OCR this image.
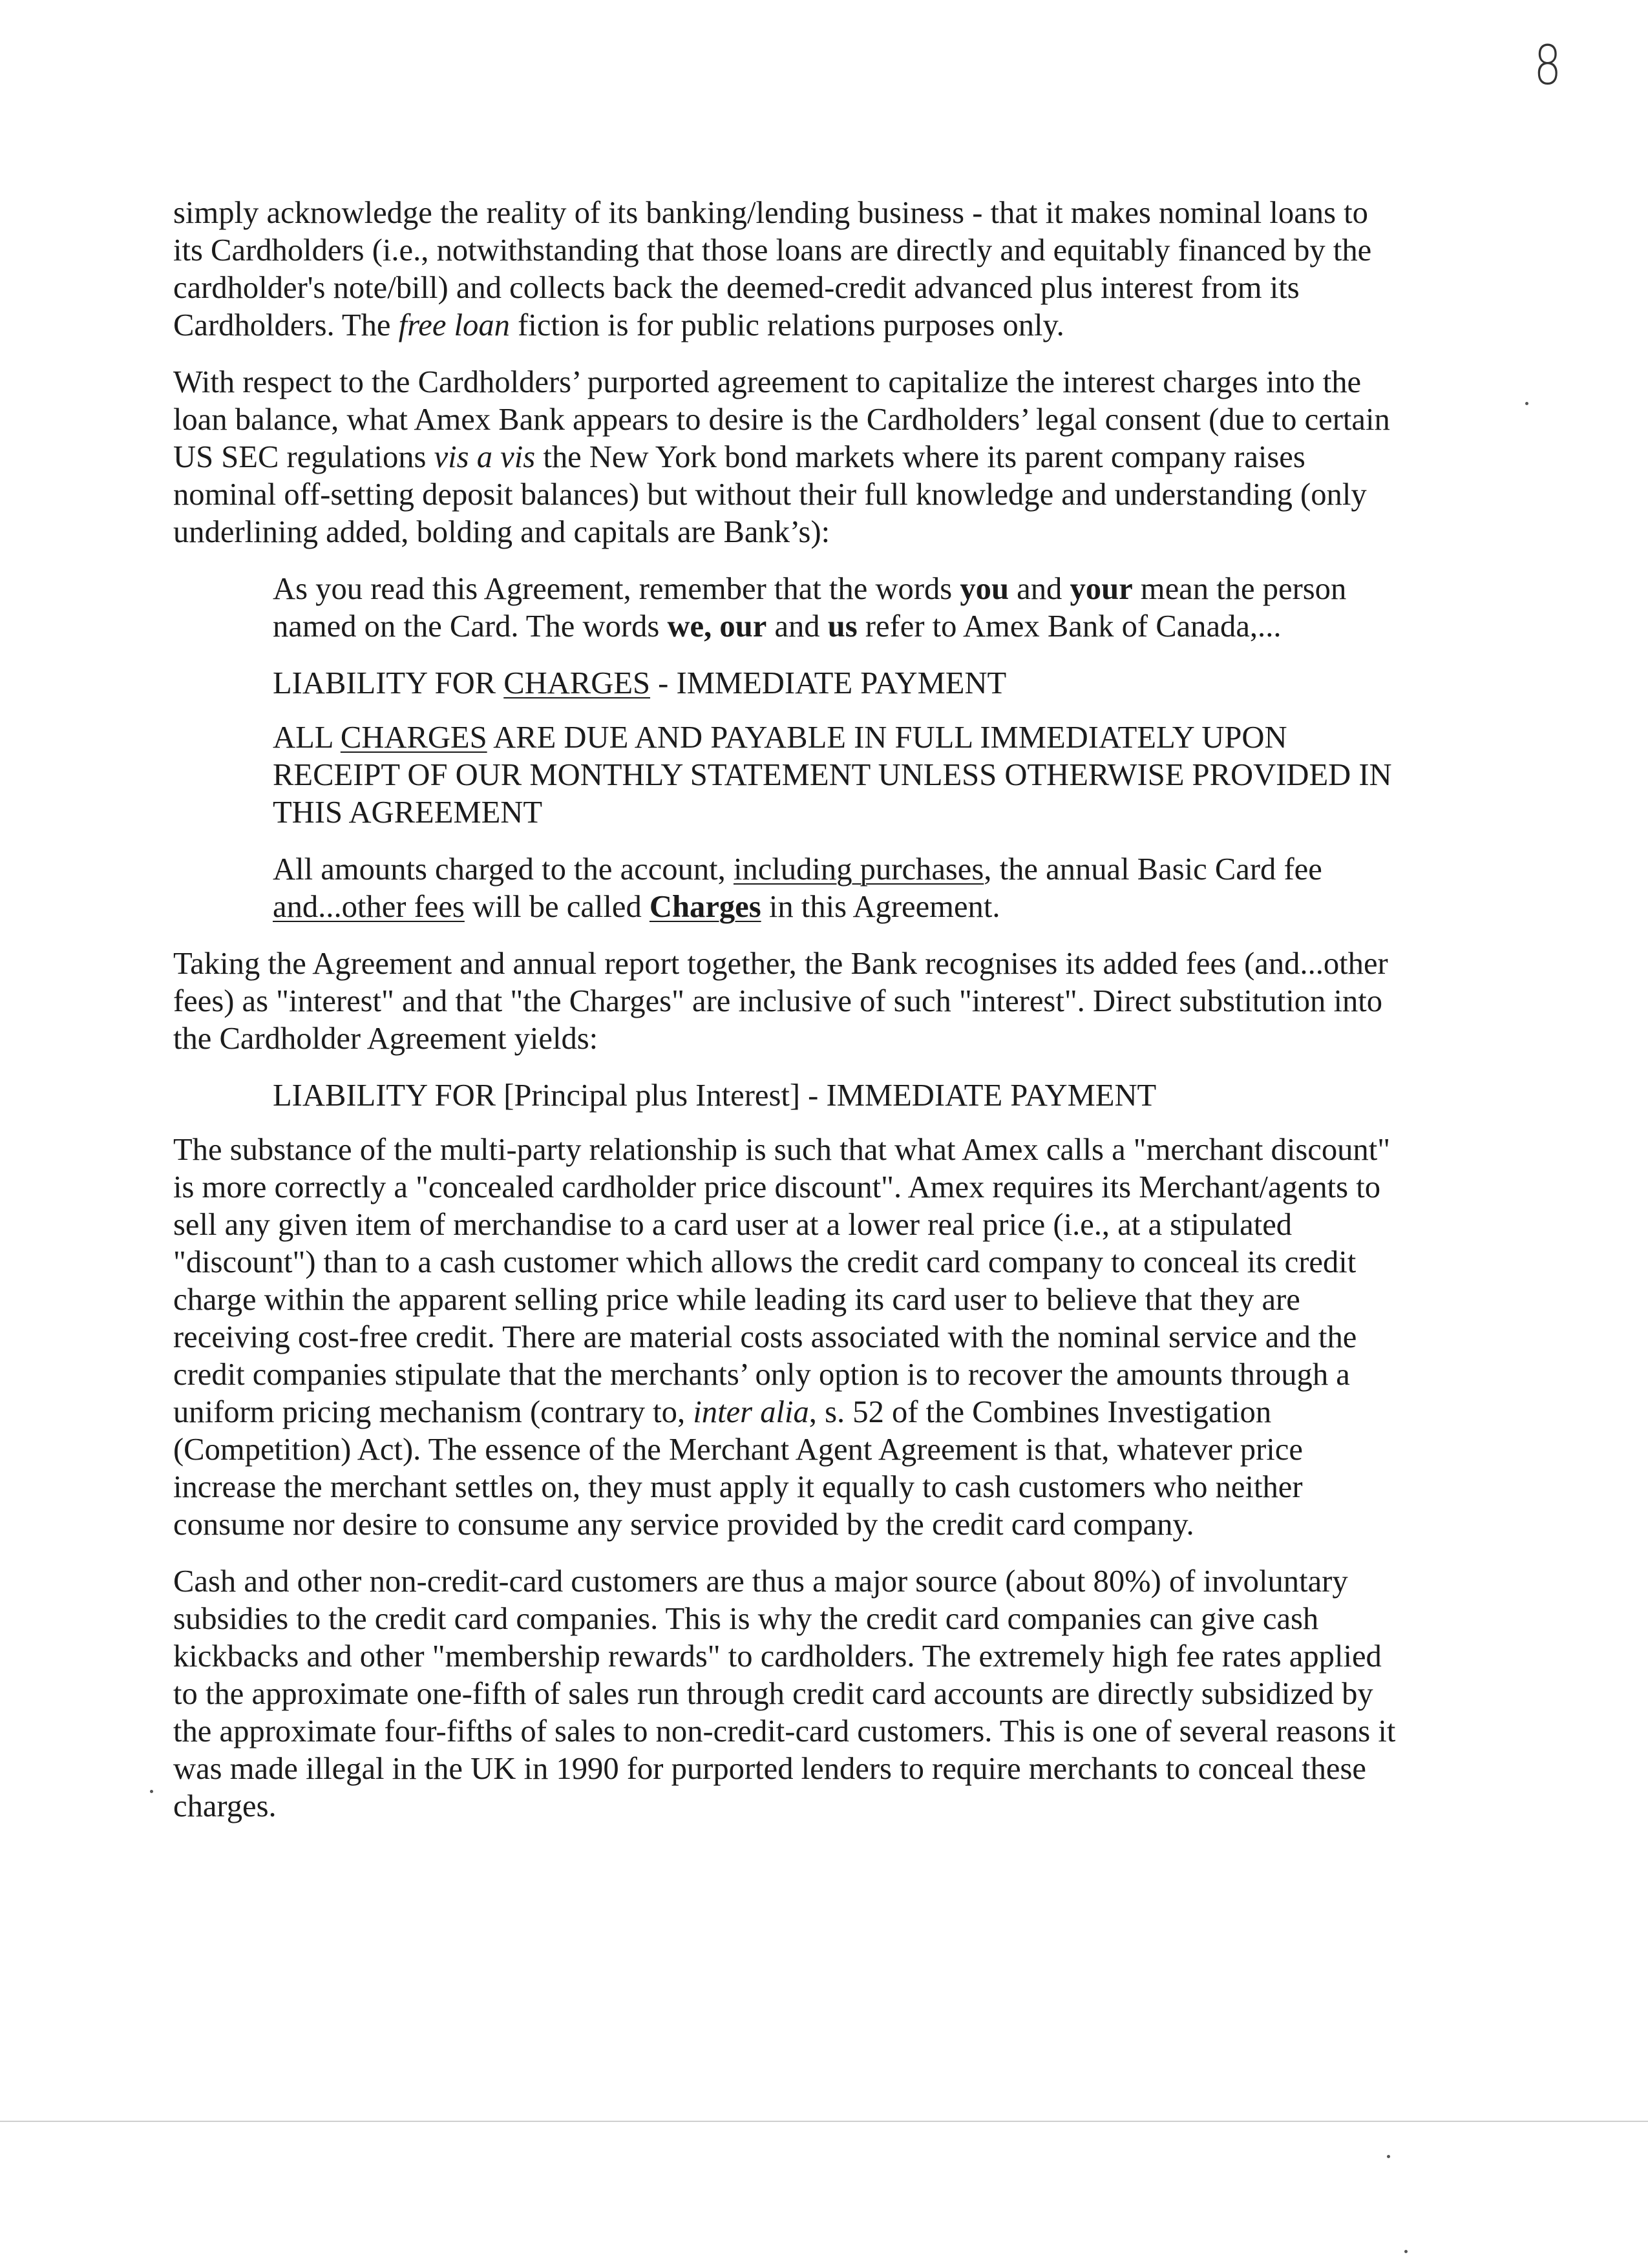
8

simply acknowledge the reality of its banking/lending business - that it makes nominal loans to
its Cardholders (i.e., notwithstanding that those loans are directly and equitably financed by the
cardholder's note/bill) and collects back the deemed-credit advanced plus interest from its
Cardholders. The free loan fiction is for public relations purposes only.

With respect to the Cardholders’ purported agreement to capitalize the interest charges into the
loan balance, what Amex Bank appears to desire is the Cardholders’ legal consent (due to certain
US SEC regulations vis a vis the New York bond markets where its parent company raises
nominal off-setting deposit balances) but without their full knowledge and understanding (only
underlining added, bolding and capitals are Bank’s):

As you read this Agreement, remember that the words you and your mean the person
named on the Card. The words we, our and us refer to Amex Bank of Canada,...

LIABILITY FOR CHARGES - IMMEDIATE PAYMENT

ALL CHARGES ARE DUE AND PAYABLE IN FULL IMMEDIATELY UPON
RECEIPT OF OUR MONTHLY STATEMENT UNLESS OTHERWISE PROVIDED IN
THIS AGREEMENT

All amounts charged to the account, including purchases, the annual Basic Card fee
and...other fees will be called Charges in this Agreement.

Taking the Agreement and annual report together, the Bank recognises its added fees (and...other
fees) as "interest" and that "the Charges" are inclusive of such "interest". Direct substitution into
the Cardholder Agreement yields:

LIABILITY FOR [Principal plus Interest] - IMMEDIATE PAYMENT

The substance of the multi-party relationship is such that what Amex calls a "merchant discount"
is more correctly a "concealed cardholder price discount". Amex requires its Merchant/agents to
sell any given item of merchandise to a card user at a lower real price (i.e., at a stipulated
"discount") than to a cash customer which allows the credit card company to conceal its credit
charge within the apparent selling price while leading its card user to believe that they are
receiving cost-free credit. There are material costs associated with the nominal service and the
credit companies stipulate that the merchants’ only option is to recover the amounts through a
uniform pricing mechanism (contrary to, inter alia, s. 52 of the Combines Investigation
(Competition) Act). The essence of the Merchant Agent Agreement is that, whatever price
increase the merchant settles on, they must apply it equally to cash customers who neither
consume nor desire to consume any service provided by the credit card company.

Cash and other non-credit-card customers are thus a major source (about 80%) of involuntary
subsidies to the credit card companies. This is why the credit card companies can give cash
kickbacks and other "membership rewards" to cardholders. The extremely high fee rates applied
to the approximate one-fifth of sales run through credit card accounts are directly subsidized by
the approximate four-fifths of sales to non-credit-card customers. This is one of several reasons it
was made illegal in the UK in 1990 for purported lenders to require merchants to conceal these
charges.
